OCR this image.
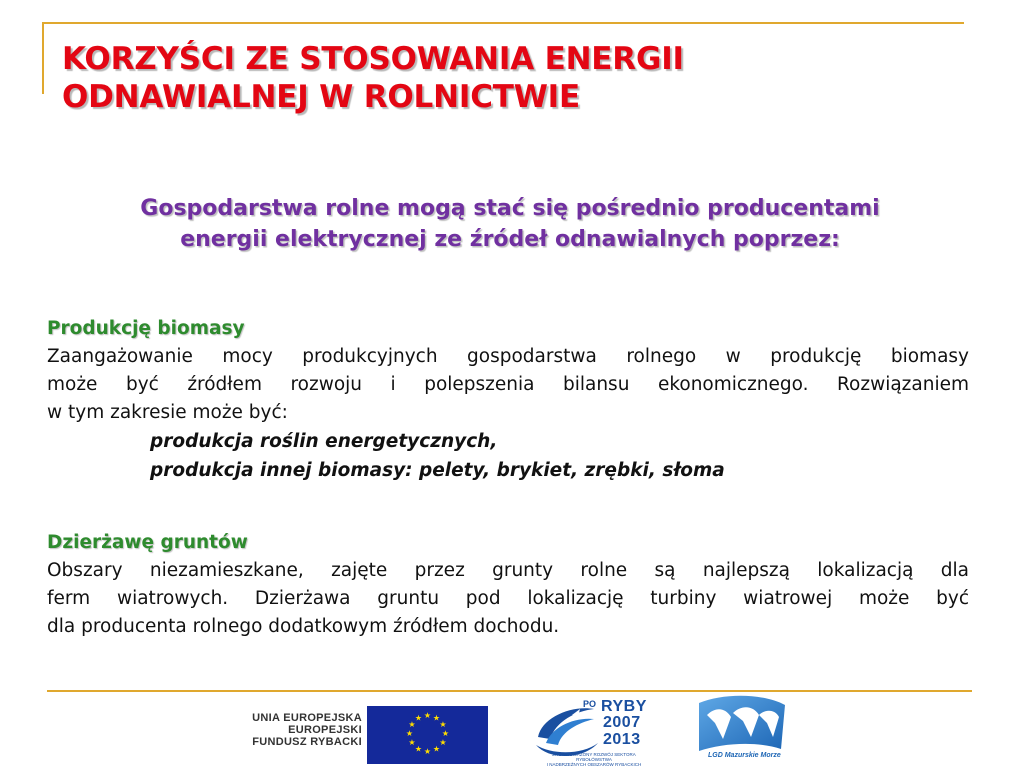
KORZYŚCI ZE STOSOWANIA ENERGII
ODNAWIALNEJ W ROLNICTWIE
Gospodarstwa rolne mogą stać się pośrednio producentami
energii elektrycznej ze źródeł odnawialnych poprzez:
Produkcję biomasy
Zaangażowanie mocy produkcyjnych gospodarstwa rolnego w produkcję biomasy
może być źródłem rozwoju i polepszenia bilansu ekonomicznego. Rozwiązaniem
w tym zakresie może być:
produkcja roślin energetycznych,
produkcja innej biomasy: pelety, brykiet, zrębki, słoma
Dzierżawę gruntów
Obszary niezamieszkane, zajęte przez grunty rolne są najlepszą lokalizacją dla
ferm wiatrowych. Dzierżawa gruntu pod lokalizację turbiny wiatrowej może być
dla producenta rolnego dodatkowym źródłem dochodu.
UNIA EUROPEJSKA
EUROPEJSKI
FUNDUSZ RYBACKI
★ ★
★
★
★
★
★
★
★
★
★
★
PO RYBY
2007
2013
ZRÓWNOWAŻONY ROZWÓJ SEKTORA RYBOŁÓWSTWA
I NADBRZEŻNYCH OBSZARÓW RYBACKICH
LGD Mazurskie Morze
